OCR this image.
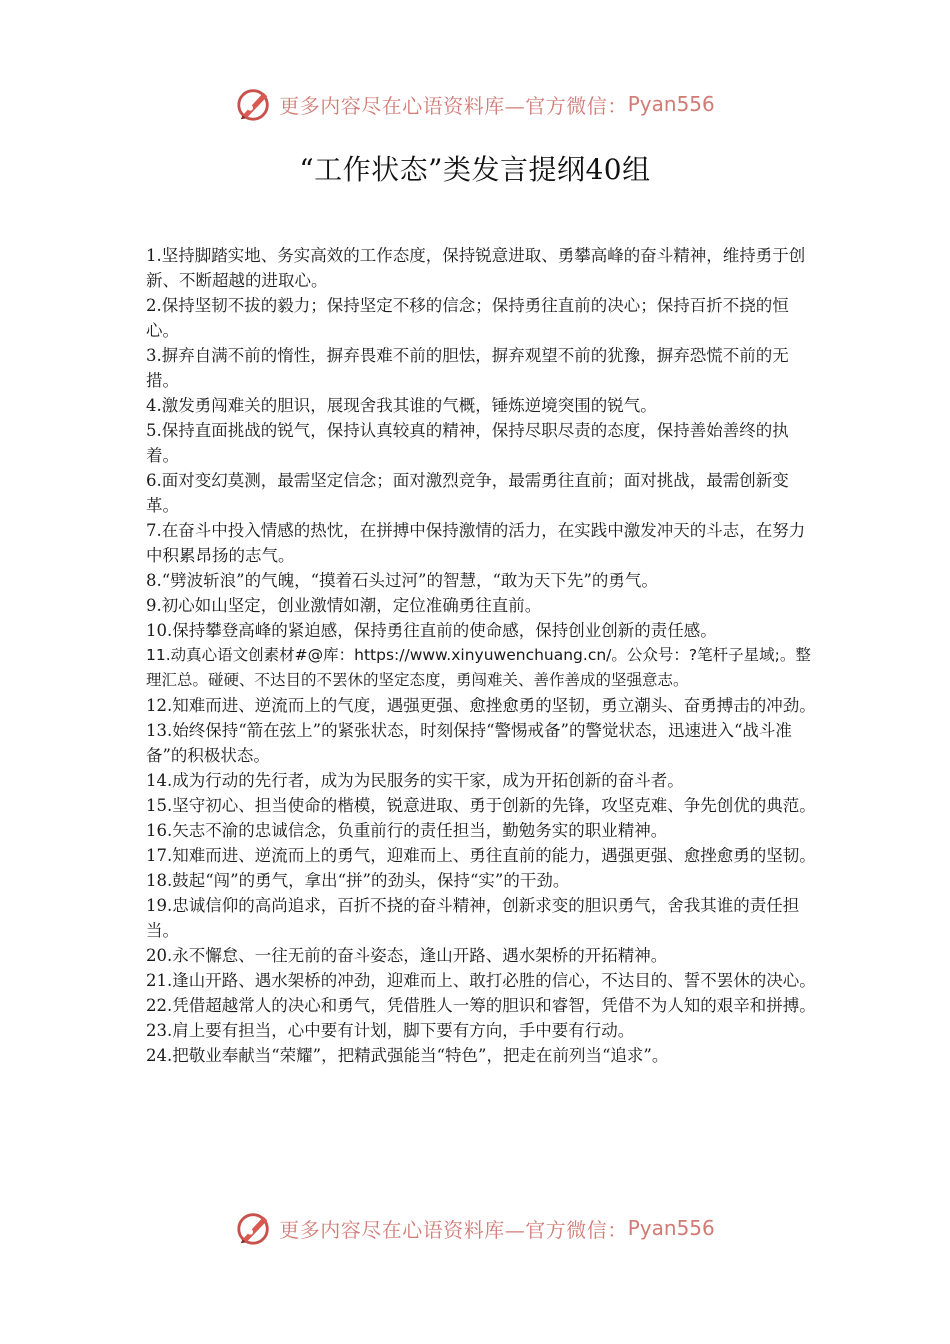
更多内容尽在心语资料库—官方微信： Pyan556
“工作状态”类发言提纲40组

1.坚持脚踏实地、务实高效的工作态度，保持锐意进取、勇攀高峰的奋斗精神，维持勇于创新、不断超越的进取心。

2.保持坚韧不拔的毅力；保持坚定不移的信念；保持勇往直前的决心；保持百折不挠的恒心。

3.摒弃自满不前的惰性，摒弃畏难不前的胆怯，摒弃观望不前的犹豫，摒弃恐慌不前的无措。

4.激发勇闯难关的胆识，展现舍我其谁的气概，锤炼逆境突围的锐气。

5.保持直面挑战的锐气，保持认真较真的精神，保持尽职尽责的态度，保持善始善终的执着。

6.面对变幻莫测，最需坚定信念；面对激烈竞争，最需勇往直前；面对挑战，最需创新变革。

7.在奋斗中投入情感的热忱，在拼搏中保持激情的活力，在实践中激发冲天的斗志，在努力中积累昂扬的志气。

8.“劈波斩浪”的气魄，“摸着石头过河”的智慧，“敢为天下先”的勇气。

9.初心如山坚定，创业激情如潮，定位准确勇往直前。

10.保持攀登高峰的紧迫感，保持勇往直前的使命感，保持创业创新的责任感。

11.动真心语文创素材#@库：https://www.xinyuwenchuang.cn/。公众号：?笔杆子星域;。整理汇总。碰硬、不达目的不罢休的坚定态度，勇闯难关、善作善成的坚强意志。

12.知难而进、逆流而上的气度，遇强更强、愈挫愈勇的坚韧，勇立潮头、奋勇搏击的冲劲。

13.始终保持“箭在弦上”的紧张状态，时刻保持“警惕戒备”的警觉状态，迅速进入“战斗准备”的积极状态。

14.成为行动的先行者，成为为民服务的实干家，成为开拓创新的奋斗者。

15.坚守初心、担当使命的楷模，锐意进取、勇于创新的先锋，攻坚克难、争先创优的典范。

16.矢志不渝的忠诚信念，负重前行的责任担当，勤勉务实的职业精神。

17.知难而进、逆流而上的勇气，迎难而上、勇往直前的能力，遇强更强、愈挫愈勇的坚韧。

18.鼓起“闯”的勇气，拿出“拼”的劲头，保持“实”的干劲。

19.忠诚信仰的高尚追求，百折不挠的奋斗精神，创新求变的胆识勇气，舍我其谁的责任担当。

20.永不懈怠、一往无前的奋斗姿态，逢山开路、遇水架桥的开拓精神。

21.逢山开路、遇水架桥的冲劲，迎难而上、敢打必胜的信心，不达目的、誓不罢休的决心。

22.凭借超越常人的决心和勇气，凭借胜人一筹的胆识和睿智，凭借不为人知的艰辛和拼搏。

23.肩上要有担当，心中要有计划，脚下要有方向，手中要有行动。

24.把敬业奉献当“荣耀”，把精武强能当“特色”，把走在前列当“追求”。

更多内容尽在心语资料库—官方微信： Pyan556
